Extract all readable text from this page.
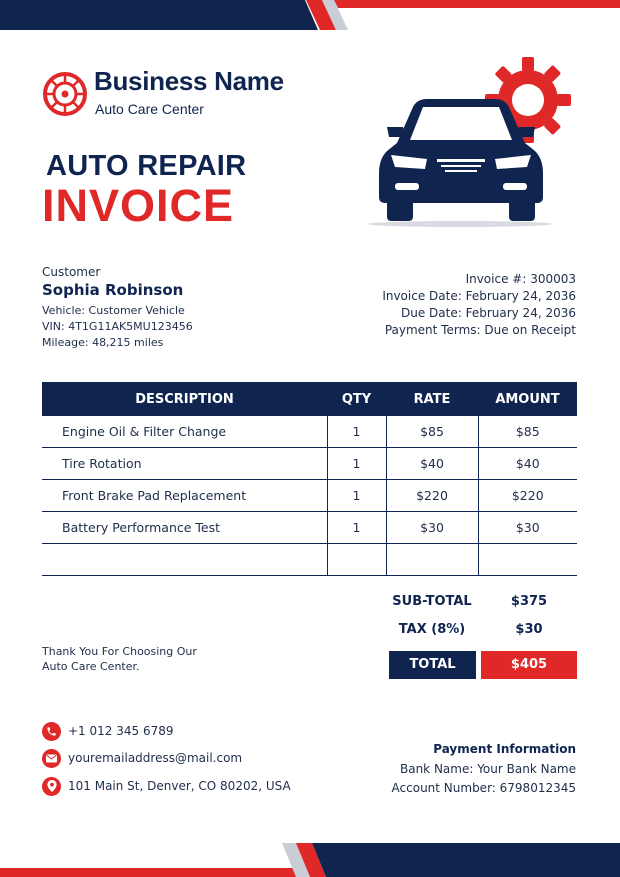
Business Name
Auto Care Center
AUTO REPAIR
INVOICE
Customer
Sophia Robinson
Vehicle: Customer Vehicle
VIN: 4T1G11AK5MU123456
Mileage: 48,215 miles
Invoice #: 300003
Invoice Date: February 24, 2036
Due Date: February 24, 2036
Payment Terms: Due on Receipt
DESCRIPTION	QTY	RATE	AMOUNT
Engine Oil & Filter Change	1	$85	$85
Tire Rotation	1	$40	$40
Front Brake Pad Replacement	1	$220	$220
Battery Performance Test	1	$30	$30

SUB-TOTAL	$375
TAX (8%)	$30
TOTAL	$405
Thank You For Choosing Our
Auto Care Center.
+1 012 345 6789
youremailaddress@mail.com
101 Main St, Denver, CO 80202, USA
Payment Information
Bank Name: Your Bank Name
Account Number: 6798012345
